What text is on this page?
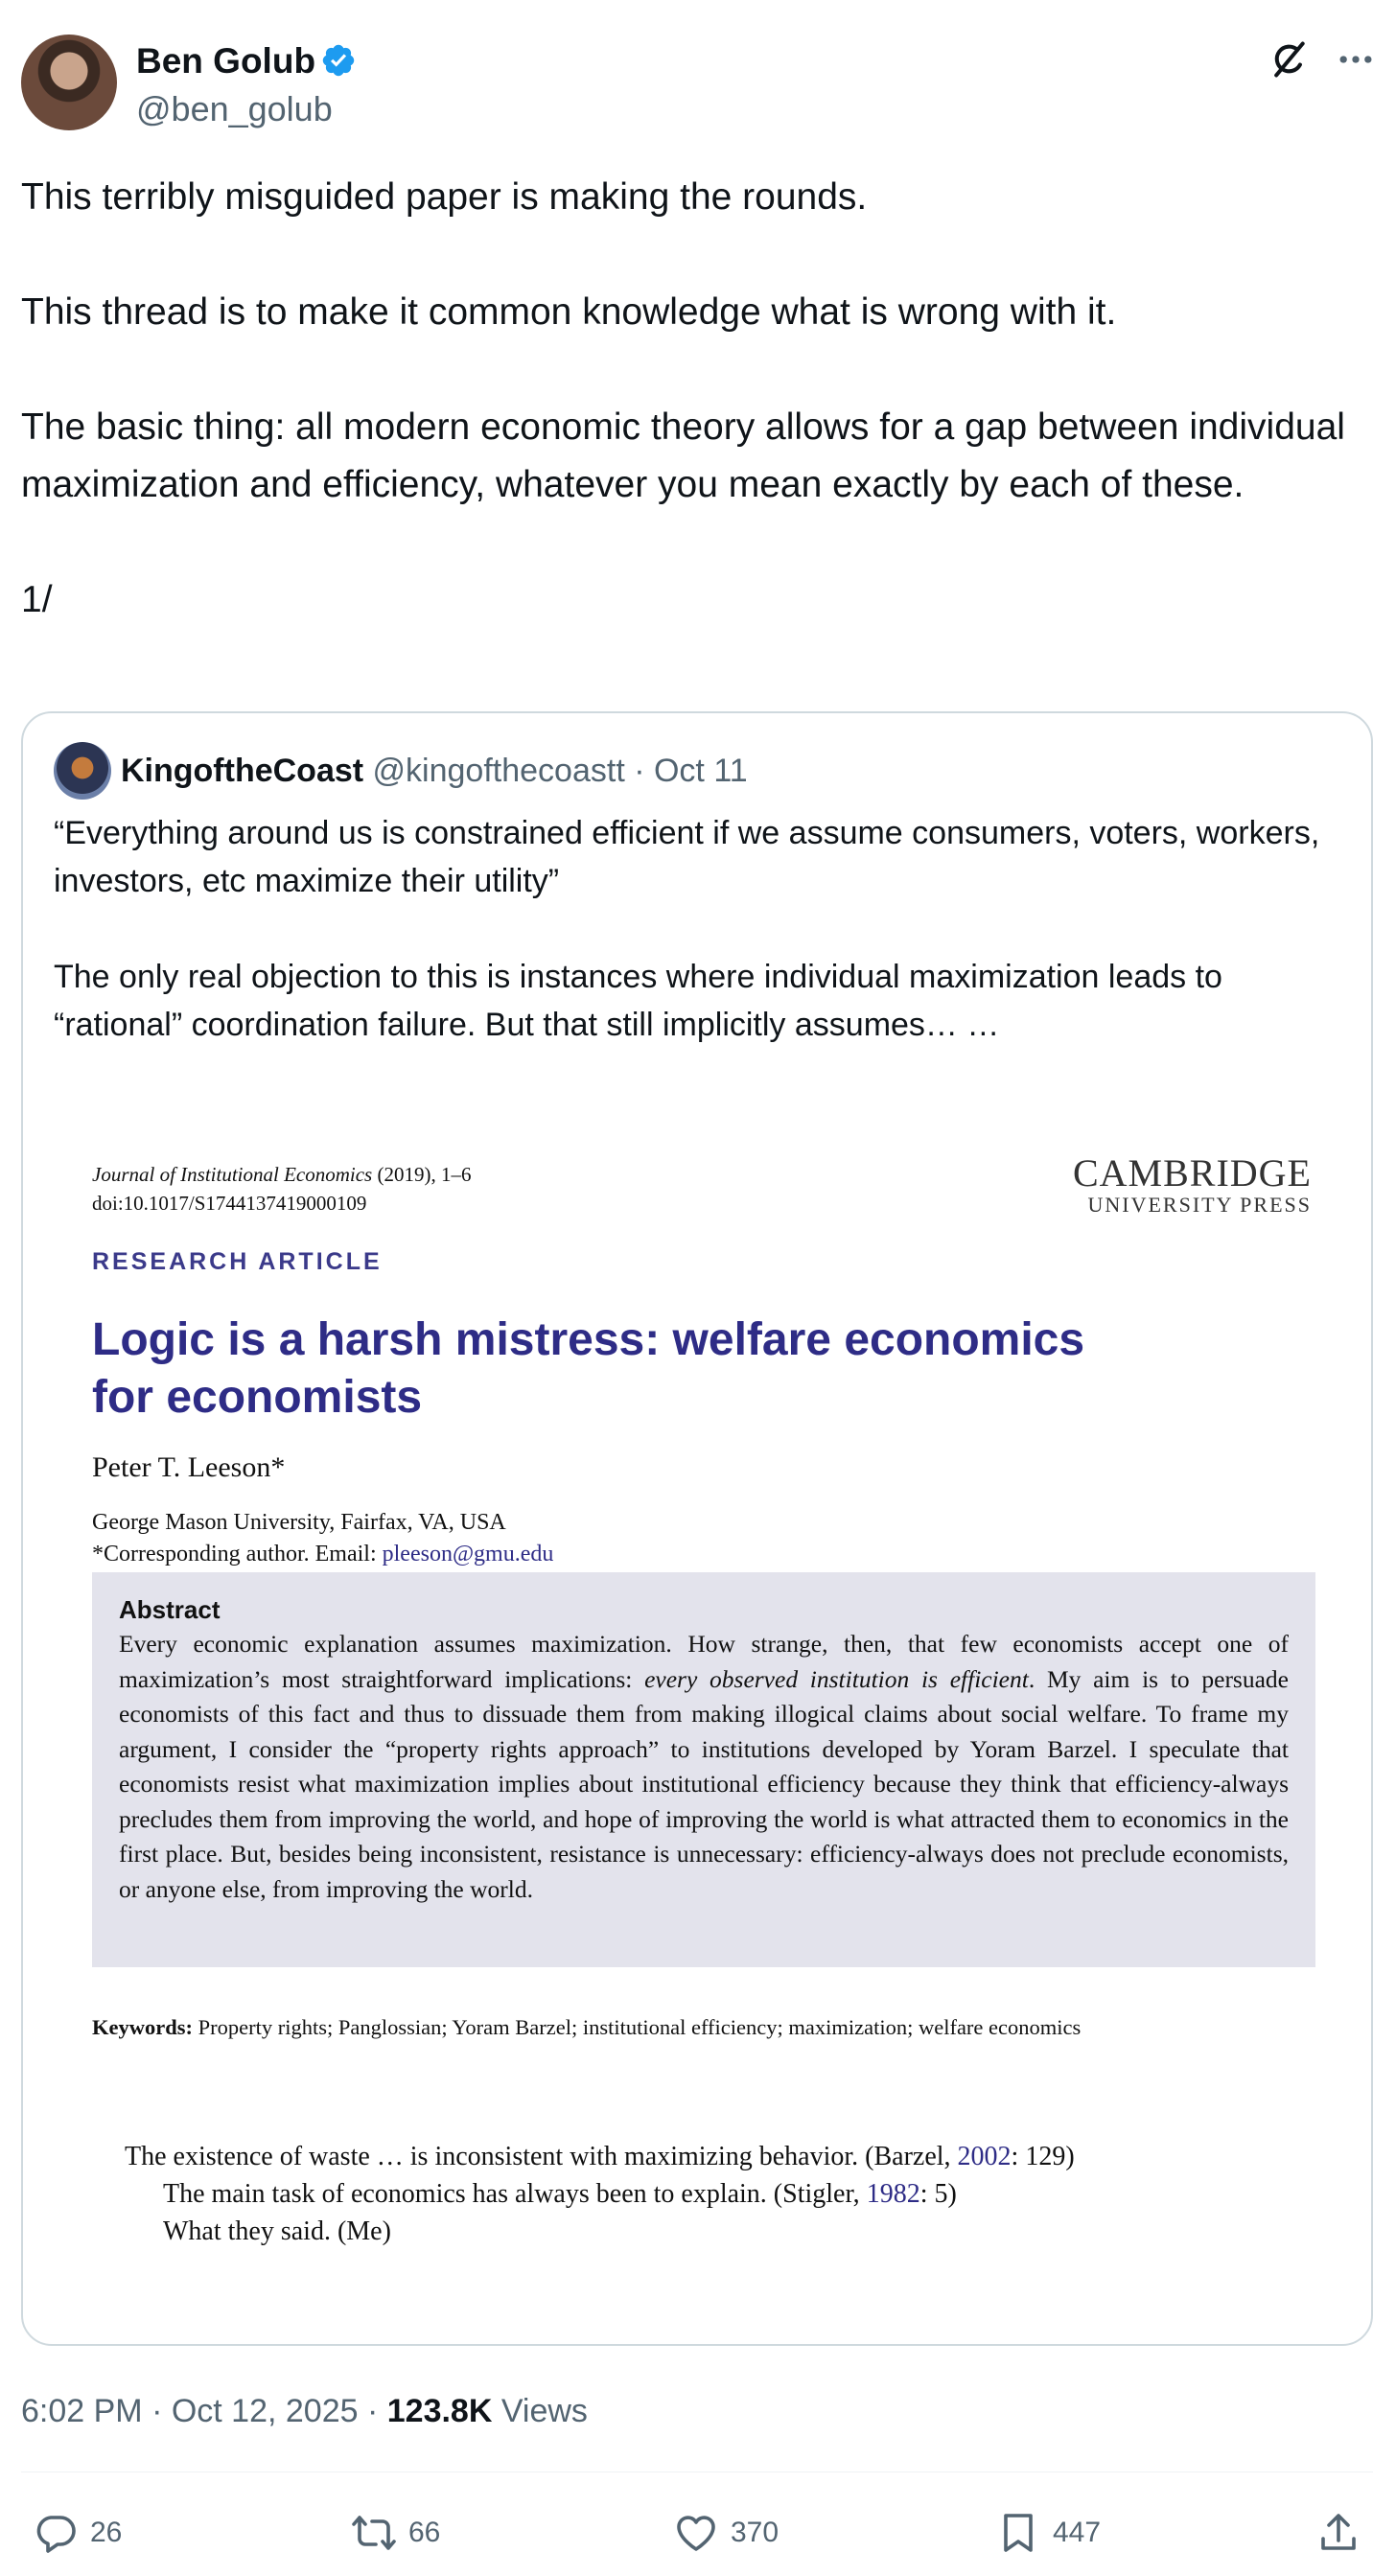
Ben Golub
@ben_golub

This terribly misguided paper is making the rounds.

This thread is to make it common knowledge what is wrong with it.

The basic thing: all modern economic theory allows for a gap between individual maximization and efficiency, whatever you mean exactly by each of these.

1/

KingoftheCoast @kingofthecoastt · Oct 11

“Everything around us is constrained efficient if we assume consumers, voters, workers, investors, etc maximize their utility”

The only real objection to this is instances where individual maximization leads to “rational” coordination failure. But that still implicitly assumes… …

Journal of Institutional Economics (2019), 1–6
doi:10.1017/S1744137419000109
CAMBRIDGE
UNIVERSITY PRESS
RESEARCH ARTICLE
Logic is a harsh mistress: welfare economics for economists
Peter T. Leeson*
George Mason University, Fairfax, VA, USA
*Corresponding author. Email: pleeson@gmu.edu
Abstract
Every economic explanation assumes maximization. How strange, then, that few economists accept one of maximization’s most straightforward implications: every observed institution is efficient. My aim is to persuade economists of this fact and thus to dissuade them from making illogical claims about social welfare. To frame my argument, I consider the “property rights approach” to institutions developed by Yoram Barzel. I speculate that economists resist what maximization implies about institutional efficiency because they think that efficiency-always precludes them from improving the world, and hope of improving the world is what attracted them to economics in the first place. But, besides being inconsistent, resistance is unnecessary: efficiency-always does not preclude economists, or anyone else, from improving the world.
Keywords: Property rights; Panglossian; Yoram Barzel; institutional efficiency; maximization; welfare economics
The existence of waste … is inconsistent with maximizing behavior. (Barzel, 2002: 129)
The main task of economics has always been to explain. (Stigler, 1982: 5)
What they said. (Me)
6:02 PM · Oct 12, 2025 · 123.8K Views
26	66	370	447
